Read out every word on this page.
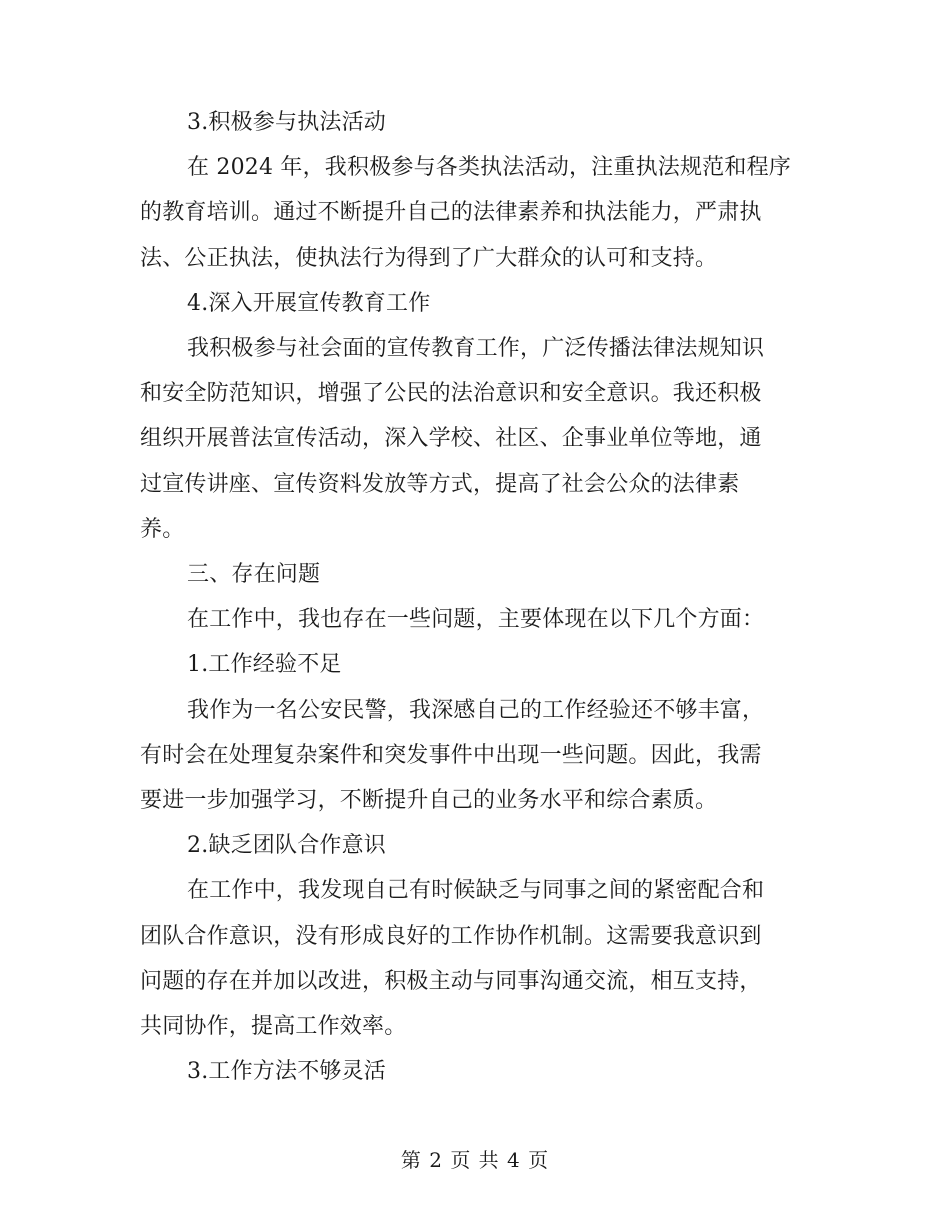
3.积极参与执法活动

在 2024 年，我积极参与各类执法活动，注重执法规范和程序

的教育培训。通过不断提升自己的法律素养和执法能力，严肃执

法、公正执法，使执法行为得到了广大群众的认可和支持。

4.深入开展宣传教育工作

我积极参与社会面的宣传教育工作，广泛传播法律法规知识

和安全防范知识，增强了公民的法治意识和安全意识。我还积极

组织开展普法宣传活动，深入学校、社区、企事业单位等地，通

过宣传讲座、宣传资料发放等方式，提高了社会公众的法律素

养。

三、存在问题

在工作中，我也存在一些问题，主要体现在以下几个方面：

1.工作经验不足

我作为一名公安民警，我深感自己的工作经验还不够丰富，

有时会在处理复杂案件和突发事件中出现一些问题。因此，我需

要进一步加强学习，不断提升自己的业务水平和综合素质。

2.缺乏团队合作意识

在工作中，我发现自己有时候缺乏与同事之间的紧密配合和

团队合作意识，没有形成良好的工作协作机制。这需要我意识到

问题的存在并加以改进，积极主动与同事沟通交流，相互支持，

共同协作，提高工作效率。

3.工作方法不够灵活

第 2 页 共 4 页
